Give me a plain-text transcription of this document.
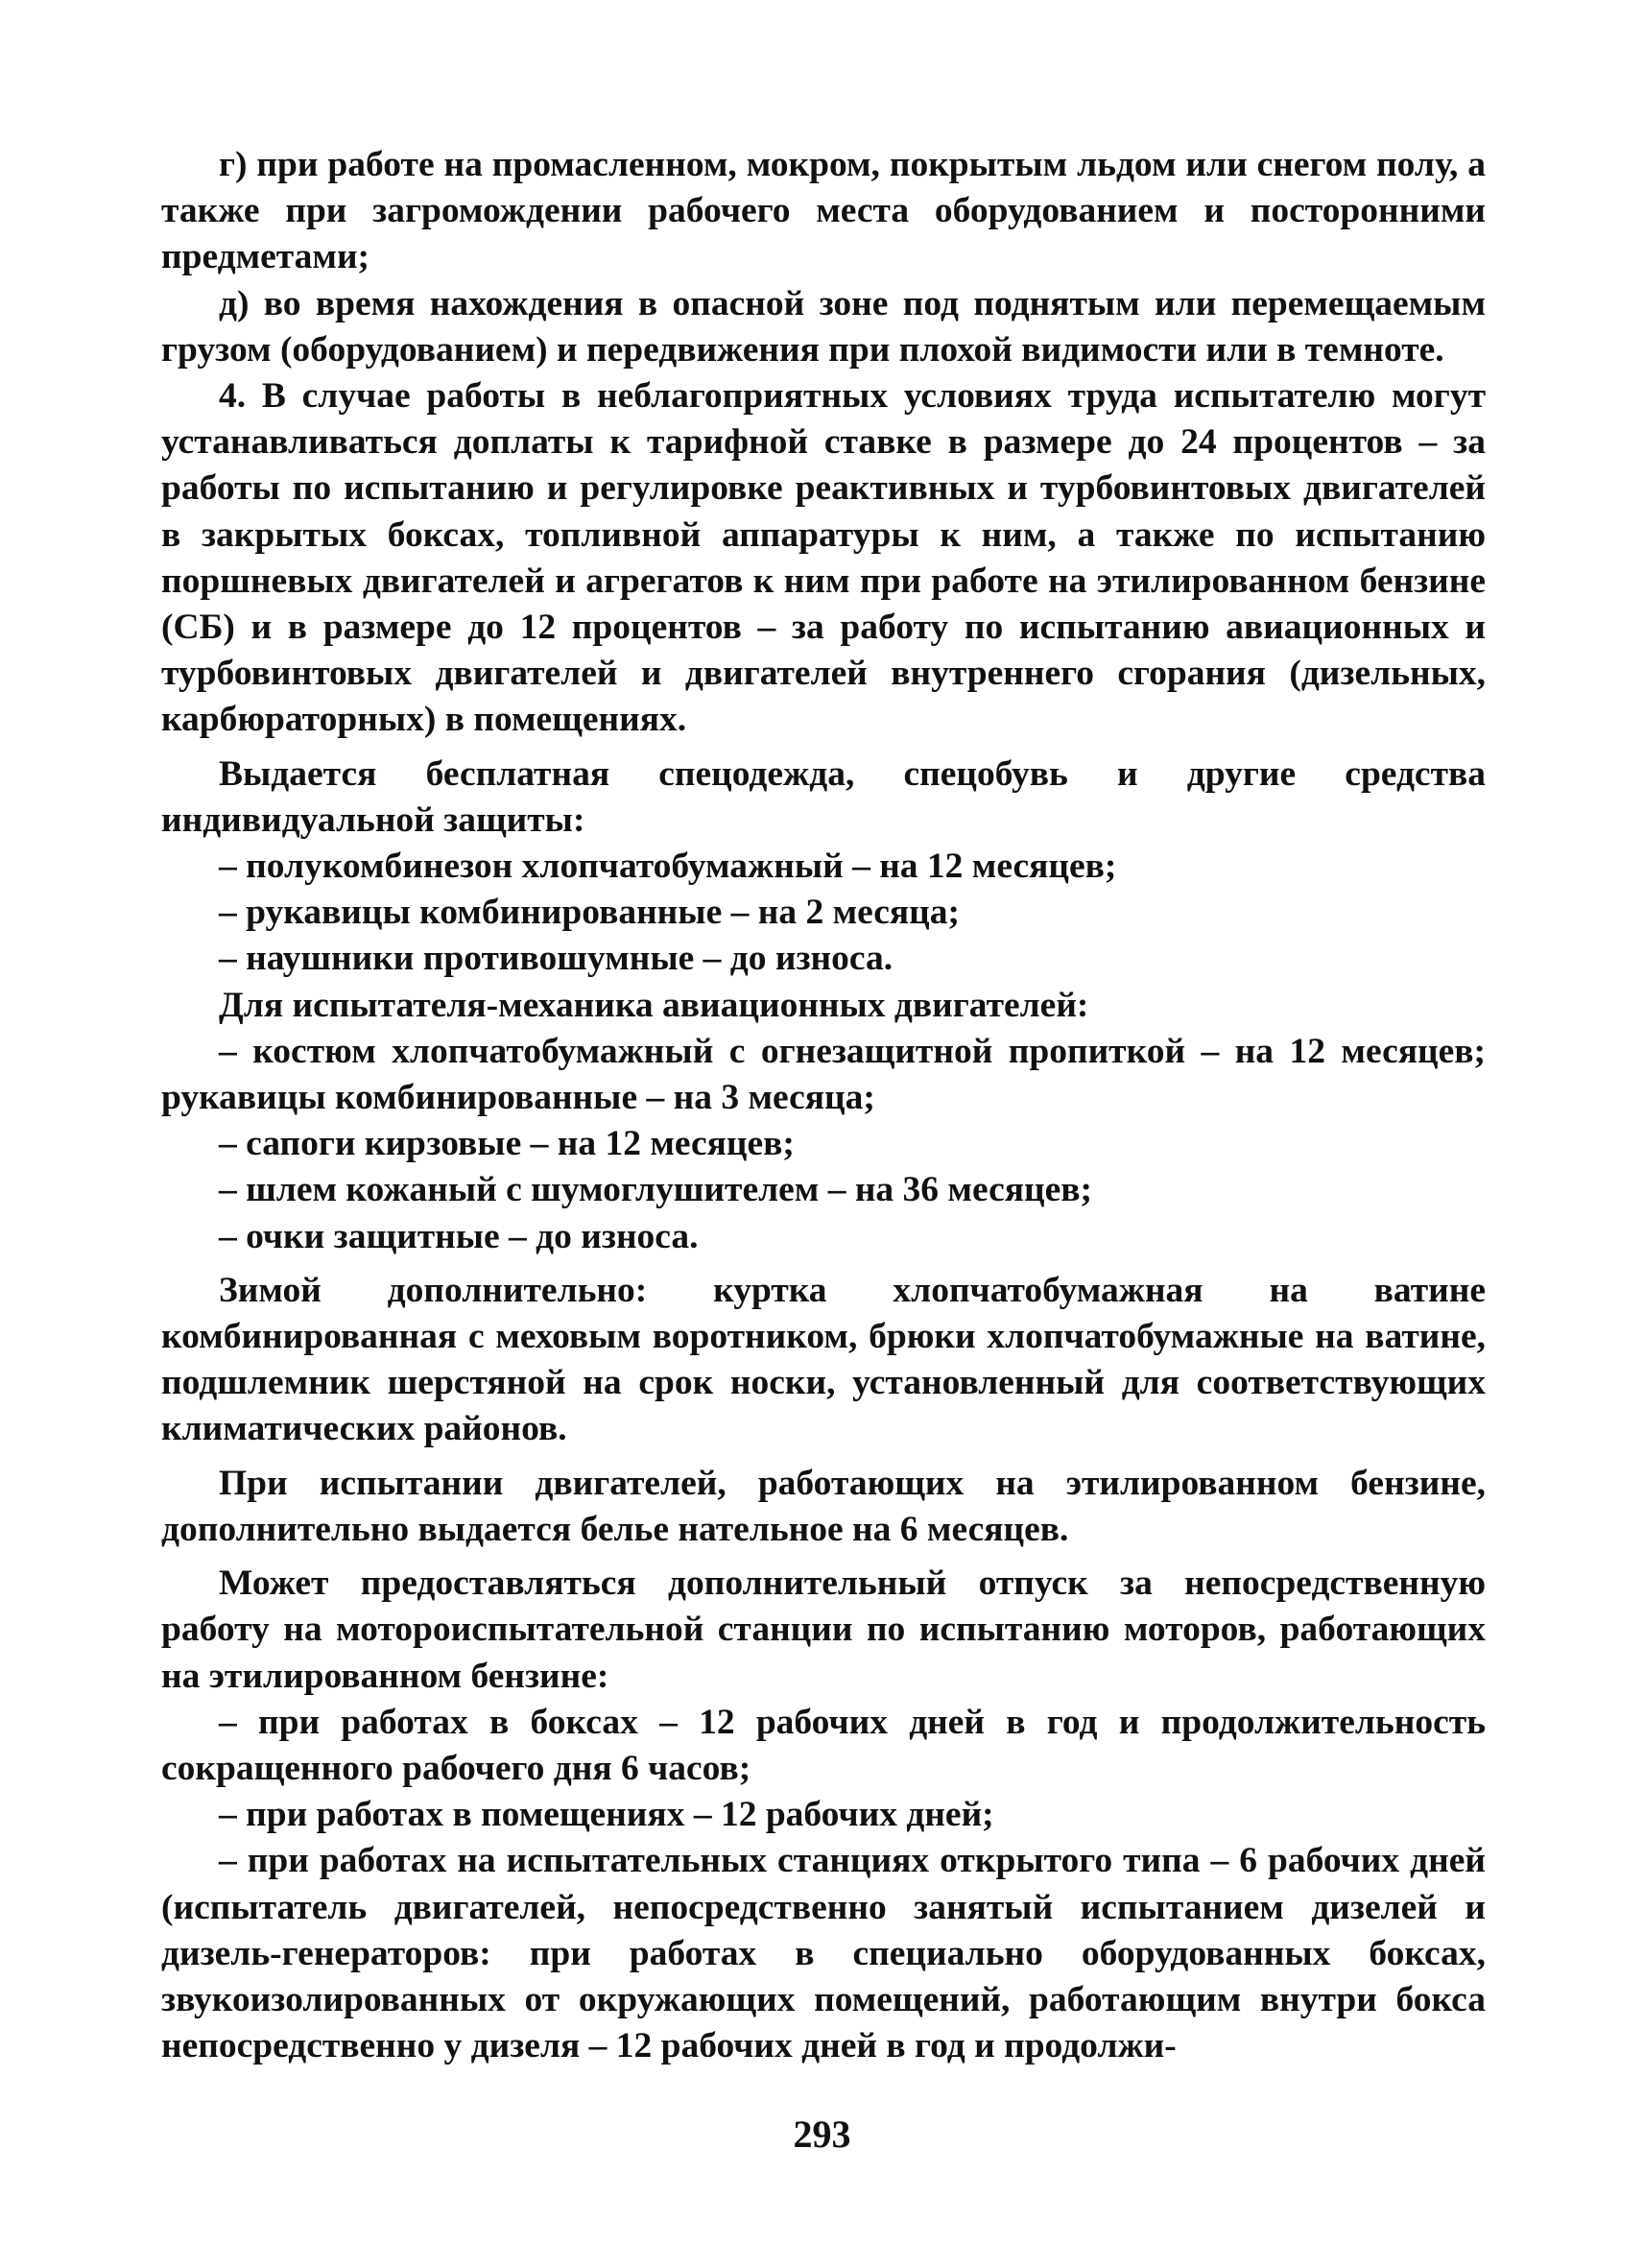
г) при работе на промасленном, мокром, покрытым льдом или снегом полу, а также при загромождении рабочего места оборудованием и посторонними предметами;

д) во время нахождения в опасной зоне под поднятым или перемещаемым грузом (оборудованием) и передвижения при плохой видимости или в темноте.

4. В случае работы в неблагоприятных условиях труда испытателю могут устанавливаться доплаты к тарифной ставке в размере до 24 процентов – за работы по испытанию и регулировке реактивных и турбовинтовых двигателей в закрытых боксах, топливной аппаратуры к ним, а также по испытанию поршневых двигателей и агрегатов к ним при работе на этилированном бензине (СБ) и в размере до 12 процентов – за работу по испытанию авиационных и турбовинтовых двигателей и двигателей внутреннего сгорания (дизельных, карбюраторных) в помещениях.

Выдается бесплатная спецодежда, спецобувь и другие средства индивидуальной защиты:

– полукомбинезон хлопчатобумажный – на 12 месяцев;

– рукавицы комбинированные – на 2 месяца;

– наушники противошумные – до износа.

Для испытателя-механика авиационных двигателей:

– костюм хлопчатобумажный с огнезащитной пропиткой – на 12 месяцев; рукавицы комбинированные – на 3 месяца;

– сапоги кирзовые – на 12 месяцев;

– шлем кожаный с шумоглушителем – на 36 месяцев;

– очки защитные – до износа.

Зимой дополнительно: куртка хлопчатобумажная на ватине комбинированная с меховым воротником, брюки хлопчатобумажные на ватине, подшлемник шерстяной на срок носки, установленный для соответствующих климатических районов.

При испытании двигателей, работающих на этилированном бензине, дополнительно выдается белье нательное на 6 месяцев.

Может предоставляться дополнительный отпуск за непосредственную работу на мотороиспытательной станции по испытанию моторов, работающих на этилированном бензине:

– при работах в боксах – 12 рабочих дней в год и продолжительность сокращенного рабочего дня 6 часов;

– при работах в помещениях – 12 рабочих дней;

– при работах на испытательных станциях открытого типа – 6 рабочих дней (испытатель двигателей, непосредственно занятый испытанием дизелей и дизель-генераторов: при работах в специально оборудованных боксах, звукоизолированных от окружающих помещений, работающим внутри бокса непосредственно у дизеля – 12 рабочих дней в год и продолжи-

293
